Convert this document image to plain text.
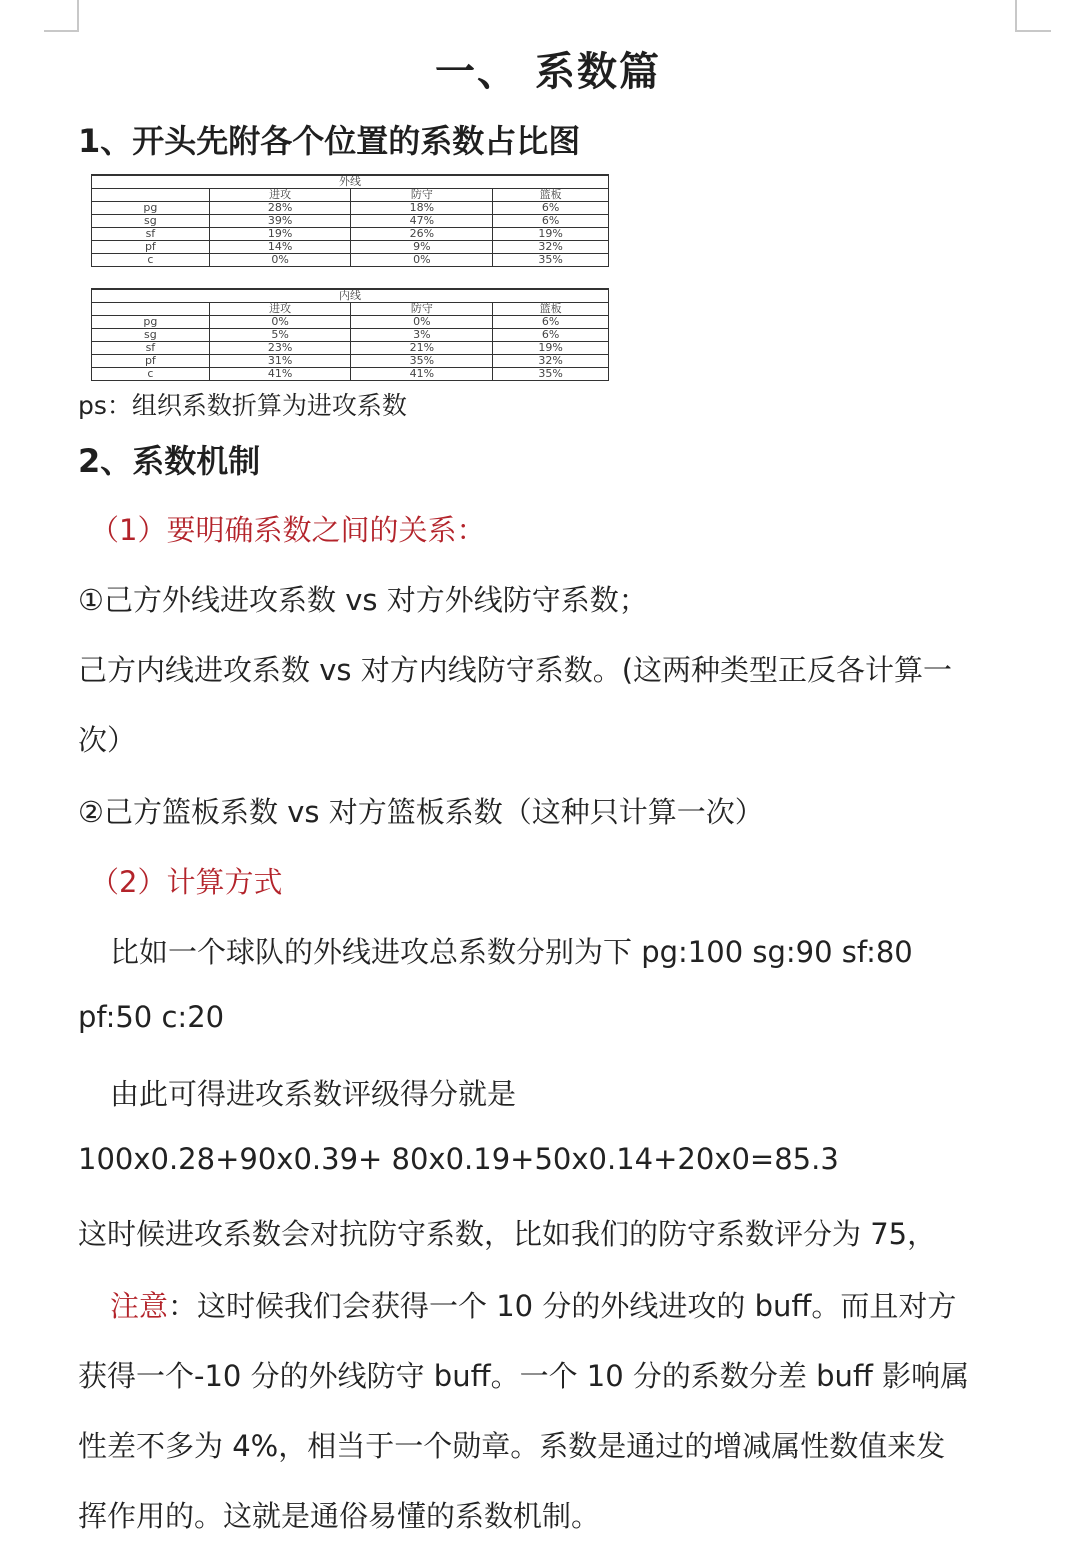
一、 系数篇
1、开头先附各个位置的系数占比图
外线			
	进攻	防守	篮板
pg	28%	18%	6%
sg	39%	47%	6%
sf	19%	26%	19%
pf	14%	9%	32%
c	0%	0%	35%
内线			
	进攻	防守	篮板
pg	0%	0%	6%
sg	5%	3%	6%
sf	23%	21%	19%
pf	31%	35%	32%
c	41%	41%	35%
ps：组织系数折算为进攻系数
2、系数机制
（1）要明确系数之间的关系：
①己方外线进攻系数 vs 对方外线防守系数；
己方内线进攻系数 vs 对方内线防守系数。(这两种类型正反各计算一
次）
②己方篮板系数 vs 对方篮板系数（这种只计算一次）
（2）计算方式
比如一个球队的外线进攻总系数分别为下 pg:100 sg:90 sf:80
pf:50 c:20
由此可得进攻系数评级得分就是
100x0.28+90x0.39+ 80x0.19+50x0.14+20x0=85.3
这时候进攻系数会对抗防守系数，比如我们的防守系数评分为 75，
注意：这时候我们会获得一个 10 分的外线进攻的 buff。而且对方
获得一个-10 分的外线防守 buff。一个 10 分的系数分差 buff 影响属
性差不多为 4%，相当于一个勋章。系数是通过的增减属性数值来发
挥作用的。这就是通俗易懂的系数机制。
